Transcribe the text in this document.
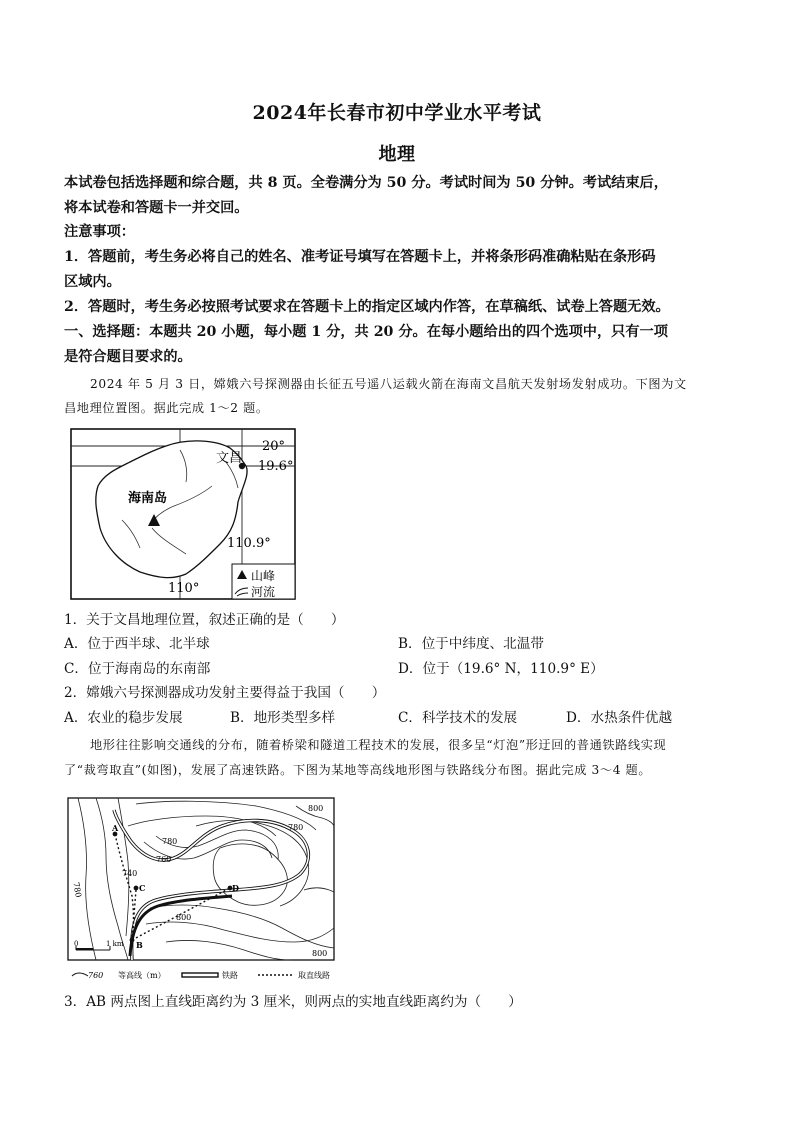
2024年长春市初中学业水平考试
地理
本试卷包括选择题和综合题，共 8 页。全卷满分为 50 分。考试时间为 50 分钟。考试结束后，
将本试卷和答题卡一并交回。
注意事项：
1．答题前，考生务必将自己的姓名、准考证号填写在答题卡上，并将条形码准确粘贴在条形码
区域内。
2．答题时，考生务必按照考试要求在答题卡上的指定区域内作答，在草稿纸、试卷上答题无效。
一、选择题：本题共 20 小题，每小题 1 分，共 20 分。在每小题给出的四个选项中，只有一项
是符合题目要求的。
2024 年 5 月 3 日，嫦娥六号探测器由长征五号遥八运载火箭在海南文昌航天发射场发射成功。下图为文
昌地理位置图。据此完成 1～2 题。
20°
文昌
19.6°
海南岛
110.9°
110°
山峰
河流
1．关于文昌地理位置，叙述正确的是（　　）
A．位于西半球、北半球	B．位于中纬度、北温带
C．位于海南岛的东南部	D．位于（19.6° N，110.9° E）
2．嫦娥六号探测器成功发射主要得益于我国（　　）
A．农业的稳步发展	B．地形类型多样	C．科学技术的发展	D．水热条件优越
地形往往影响交通线的分布，随着桥梁和隧道工程技术的发展，很多呈“灯泡”形迂回的普通铁路线实现
了“裁弯取直”(如图)，发展了高速铁路。下图为某地等高线地形图与铁路线分布图。据此完成 3～4 题。
A
C	D
B
800
780
780
760
740
780
800
800
0	1 km
760 等高线（m）	铁路	取直线路
3．AB 两点图上直线距离约为 3 厘米，则两点的实地直线距离约为（　　）
